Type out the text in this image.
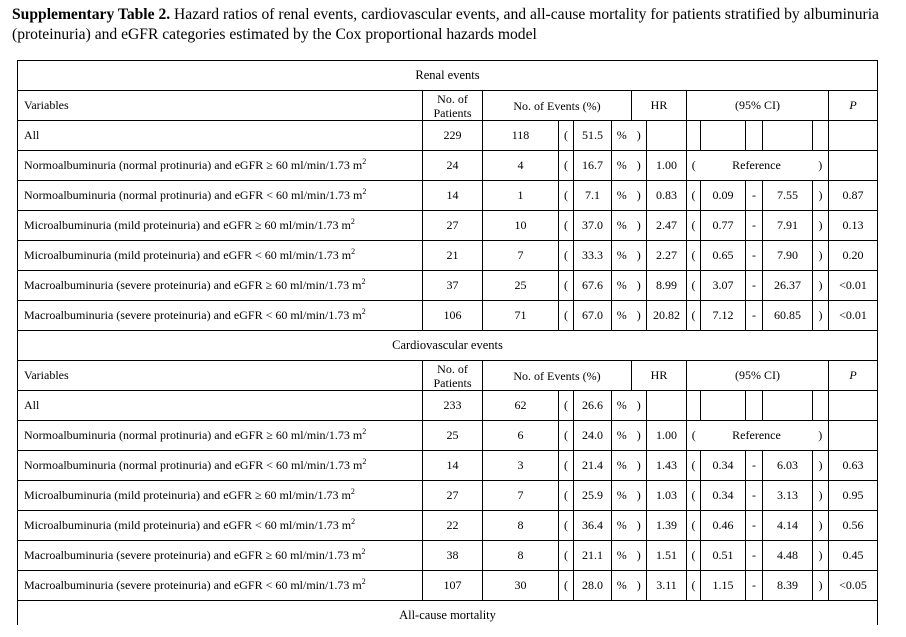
Supplementary Table 2. Hazard ratios of renal events, cardiovascular events, and all-cause mortality for patients stratified by albuminuria (proteinuria) and eGFR categories estimated by the Cox proportional hazards model
Renal events													
Variables	No. of Patients	No. of Events (%)				HR		(95% CI)					P
All	229	118	(	51.5	%	)							
Normoalbuminuria (normal protinuria) and eGFR ≥ 60 ml/min/1.73 $m^2$	24	4	(	16.7	%	)	1.00	(	Reference			)	
Normoalbuminuria (normal protinuria) and eGFR < 60 ml/min/1.73 $m^2$	14	1	(	7.1	%	)	0.83	(	0.09	-	7.55	)	0.87
Microalbuminuria (mild proteinuria) and eGFR ≥ 60 ml/min/1.73 $m^2$	27	10	(	37.0	%	)	2.47	(	0.77	-	7.91	)	0.13
Microalbuminuria (mild proteinuria) and eGFR < 60 ml/min/1.73 $m^2$	21	7	(	33.3	%	)	2.27	(	0.65	-	7.90	)	0.20
Macroalbuminuria (severe proteinuria) and eGFR ≥ 60 ml/min/1.73 $m^2$	37	25	(	67.6	%	)	8.99	(	3.07	-	26.37	)	<0.01
Macroalbuminuria (severe proteinuria) and eGFR < 60 ml/min/1.73 $m^2$	106	71	(	67.0	%	)	20.82	(	7.12	-	60.85	)	<0.01
Cardiovascular events													
Variables	No. of Patients	No. of Events (%)				HR		(95% CI)					P
All	233	62	(	26.6	%	)							
Normoalbuminuria (normal protinuria) and eGFR ≥ 60 ml/min/1.73 $m^2$	25	6	(	24.0	%	)	1.00	(	Reference			)	
Normoalbuminuria (normal protinuria) and eGFR < 60 ml/min/1.73 $m^2$	14	3	(	21.4	%	)	1.43	(	0.34	-	6.03	)	0.63
Microalbuminuria (mild proteinuria) and eGFR ≥ 60 ml/min/1.73 $m^2$	27	7	(	25.9	%	)	1.03	(	0.34	-	3.13	)	0.95
Microalbuminuria (mild proteinuria) and eGFR < 60 ml/min/1.73 $m^2$	22	8	(	36.4	%	)	1.39	(	0.46	-	4.14	)	0.56
Macroalbuminuria (severe proteinuria) and eGFR ≥ 60 ml/min/1.73 $m^2$	38	8	(	21.1	%	)	1.51	(	0.51	-	4.48	)	0.45
Macroalbuminuria (severe proteinuria) and eGFR < 60 ml/min/1.73 $m^2$	107	30	(	28.0	%	)	3.11	(	1.15	-	8.39	)	<0.05
All-cause mortality													
